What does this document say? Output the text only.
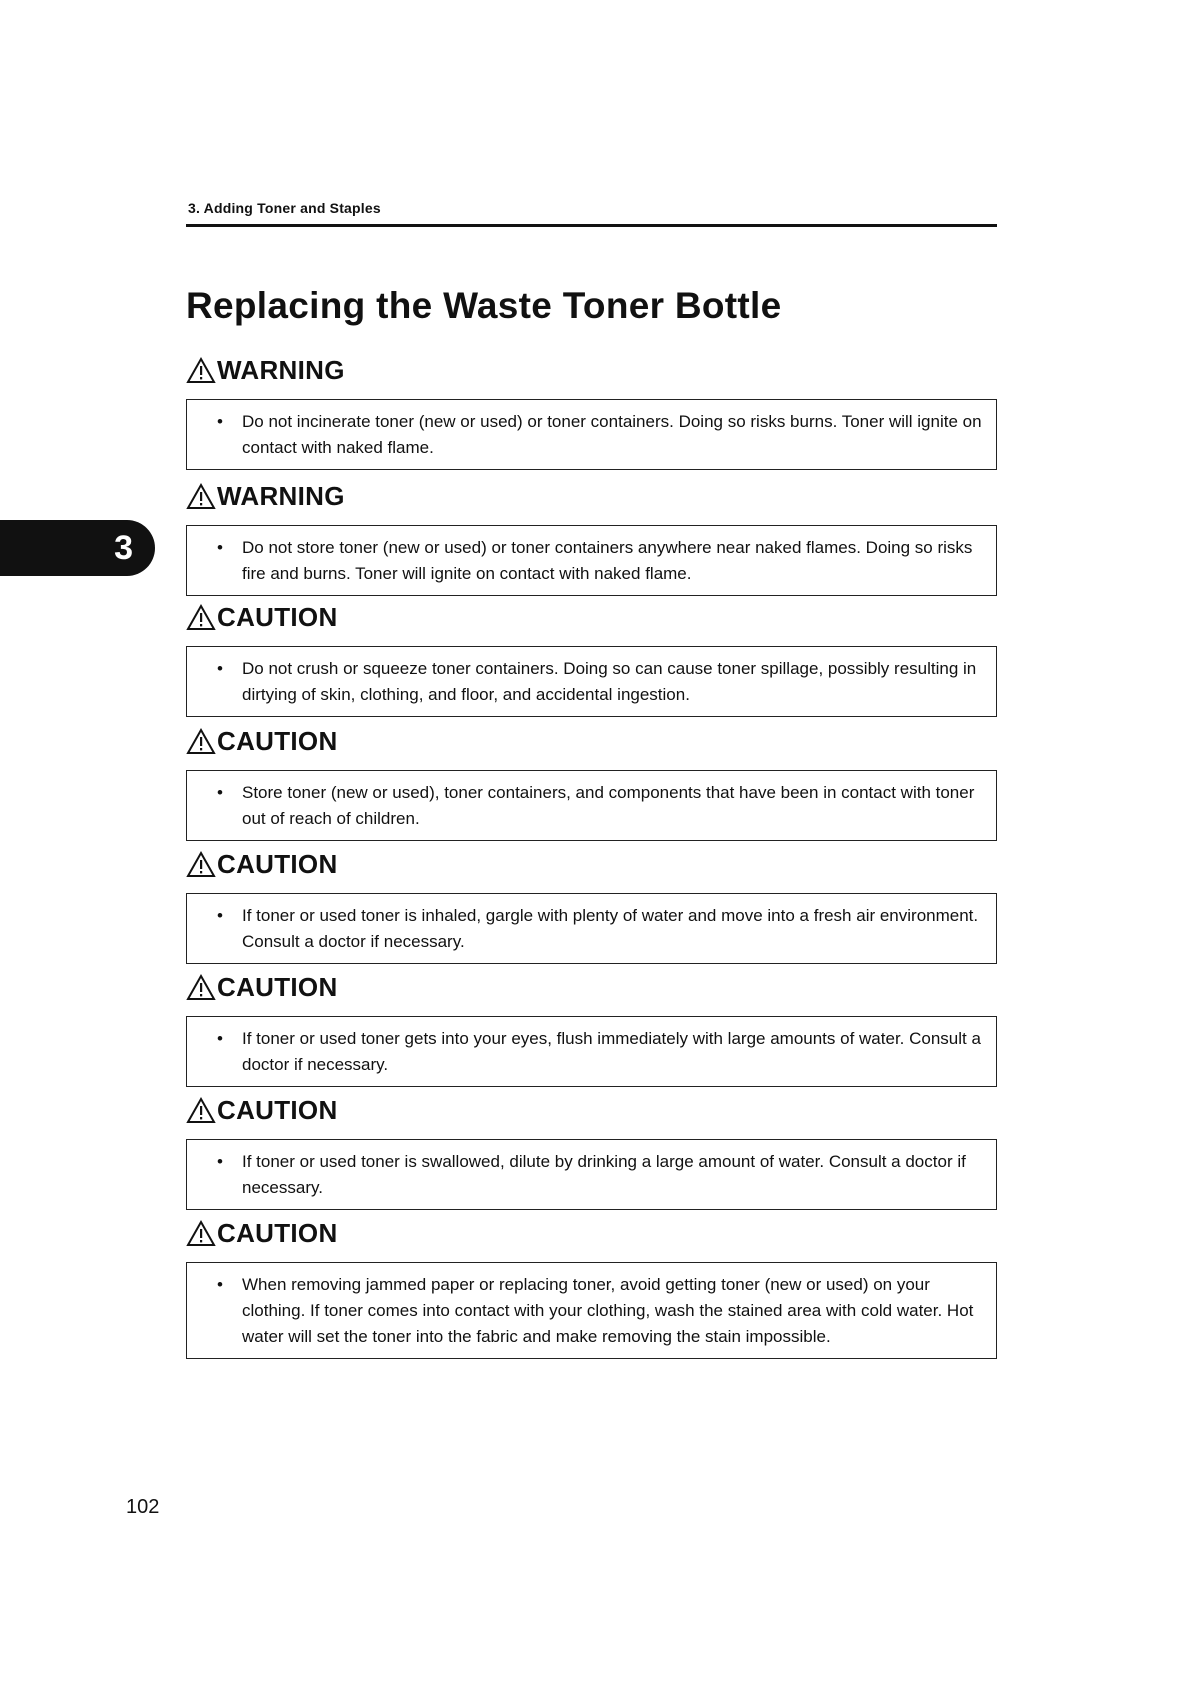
3. Adding Toner and Staples
Replacing the Waste Toner Bottle
3
WARNING
• Do not incinerate toner (new or used) or toner containers. Doing so risks burns. Toner will ignite on contact with naked flame.
WARNING
• Do not store toner (new or used) or toner containers anywhere near naked flames. Doing so risks fire and burns. Toner will ignite on contact with naked flame.
CAUTION
• Do not crush or squeeze toner containers. Doing so can cause toner spillage, possibly resulting in dirtying of skin, clothing, and floor, and accidental ingestion.
CAUTION
• Store toner (new or used), toner containers, and components that have been in contact with toner out of reach of children.
CAUTION
• If toner or used toner is inhaled, gargle with plenty of water and move into a fresh air environment. Consult a doctor if necessary.
CAUTION
• If toner or used toner gets into your eyes, flush immediately with large amounts of water. Consult a doctor if necessary.
CAUTION
• If toner or used toner is swallowed, dilute by drinking a large amount of water. Consult a doctor if necessary.
CAUTION
• When removing jammed paper or replacing toner, avoid getting toner (new or used) on your clothing. If toner comes into contact with your clothing, wash the stained area with cold water. Hot water will set the toner into the fabric and make removing the stain impossible.
102
